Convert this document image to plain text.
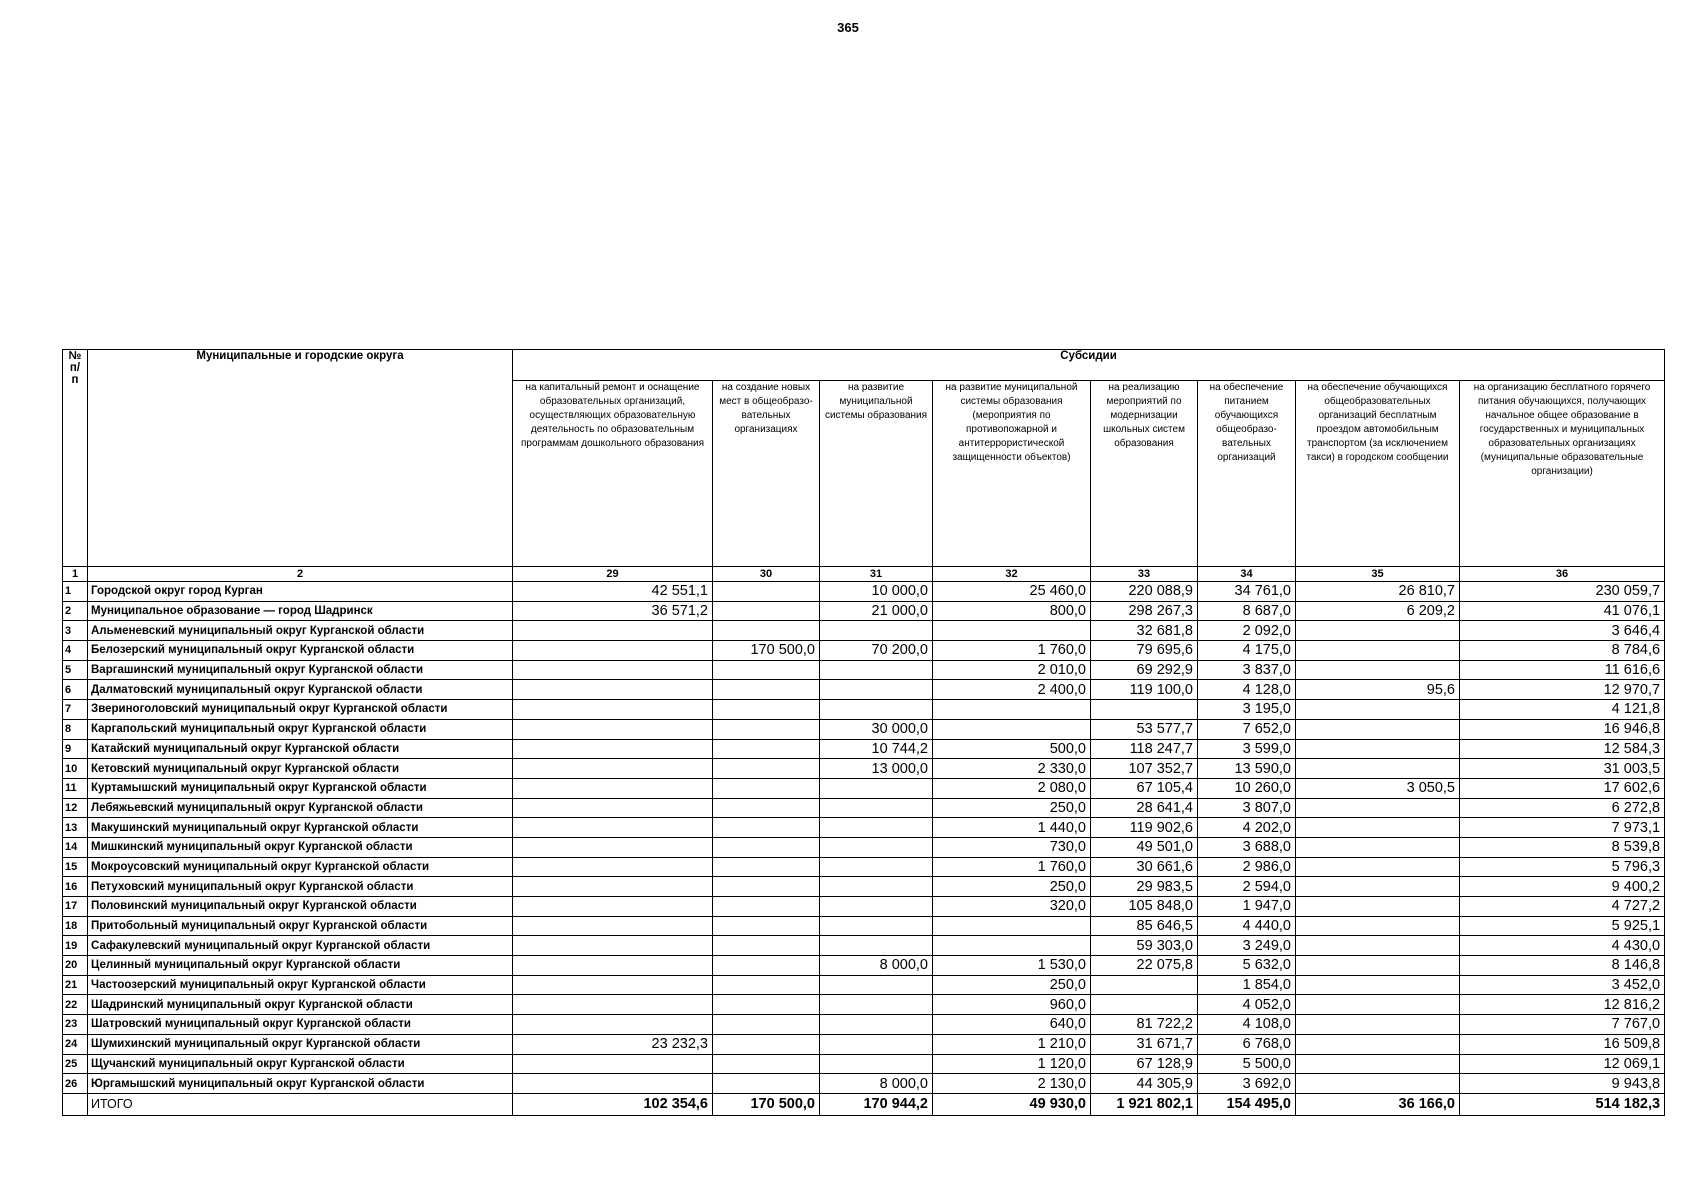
365
№ п/п	Муниципальные и городские округа	Субсидии							
		на капитальный ремонт и оснащение образовательных организаций, осуществляющих образовательную деятельность по образовательным программам дошкольного образования	на создание новых мест в общеобразо-вательных организациях	на развитие муниципальной системы образования	на развитие муниципальной системы образования (мероприятия по противопожарной и антитеррористической защищенности объектов)	на реализацию мероприятий по модернизации школьных систем образования	на обеспечение питанием обучающихся общеобразо-вательных организаций	на обеспечение обучающихся общеобразовательных организаций бесплатным проездом автомобильным транспортом (за исключением такси) в городском сообщении	на организацию бесплатного горячего питания обучающихся, получающих начальное общее образование в государственных и муниципальных образовательных организациях (муниципальные образовательные организации)
1	2	29	30	31	32	33	34	35	36
1	Городской округ город Курган	42 551,1		10 000,0	25 460,0	220 088,9	34 761,0	26 810,7	230 059,7
2	Муниципальное образование — город Шадринск	36 571,2		21 000,0	800,0	298 267,3	8 687,0	6 209,2	41 076,1
3	Альменевский муниципальный округ Курганской области					32 681,8	2 092,0		3 646,4
4	Белозерский муниципальный округ Курганской области		170 500,0	70 200,0	1 760,0	79 695,6	4 175,0		8 784,6
5	Варгашинский муниципальный округ Курганской области				2 010,0	69 292,9	3 837,0		11 616,6
6	Далматовский муниципальный округ Курганской области				2 400,0	119 100,0	4 128,0	95,6	12 970,7
7	Звериноголовский муниципальный округ Курганской области						3 195,0		4 121,8
8	Каргапольский муниципальный округ Курганской области			30 000,0		53 577,7	7 652,0		16 946,8
9	Катайский муниципальный округ Курганской области			10 744,2	500,0	118 247,7	3 599,0		12 584,3
10	Кетовский муниципальный округ Курганской области			13 000,0	2 330,0	107 352,7	13 590,0		31 003,5
11	Куртамышский муниципальный округ Курганской области				2 080,0	67 105,4	10 260,0	3 050,5	17 602,6
12	Лебяжьевский муниципальный округ Курганской области				250,0	28 641,4	3 807,0		6 272,8
13	Макушинский муниципальный округ Курганской области				1 440,0	119 902,6	4 202,0		7 973,1
14	Мишкинский муниципальный округ Курганской области				730,0	49 501,0	3 688,0		8 539,8
15	Мокроусовский муниципальный округ Курганской области				1 760,0	30 661,6	2 986,0		5 796,3
16	Петуховский муниципальный округ Курганской области				250,0	29 983,5	2 594,0		9 400,2
17	Половинский муниципальный округ Курганской области				320,0	105 848,0	1 947,0		4 727,2
18	Притобольный муниципальный округ Курганской области					85 646,5	4 440,0		5 925,1
19	Сафакулевский муниципальный округ Курганской области					59 303,0	3 249,0		4 430,0
20	Целинный муниципальный округ Курганской области			8 000,0	1 530,0	22 075,8	5 632,0		8 146,8
21	Частоозерский муниципальный округ Курганской области				250,0		1 854,0		3 452,0
22	Шадринский муниципальный округ Курганской области				960,0		4 052,0		12 816,2
23	Шатровский муниципальный округ Курганской области				640,0	81 722,2	4 108,0		7 767,0
24	Шумихинский муниципальный округ Курганской области	23 232,3			1 210,0	31 671,7	6 768,0		16 509,8
25	Щучанский муниципальный округ Курганской области				1 120,0	67 128,9	5 500,0		12 069,1
26	Юргамышский муниципальный округ Курганской области			8 000,0	2 130,0	44 305,9	3 692,0		9 943,8
	ИТОГО	102 354,6	170 500,0	170 944,2	49 930,0	1 921 802,1	154 495,0	36 166,0	514 182,3
